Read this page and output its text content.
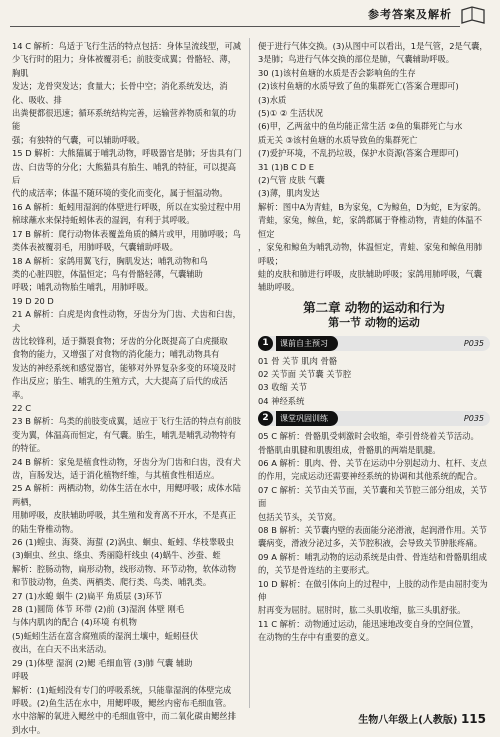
参考答案及解析

14 C 解析：鸟适于飞行生活的特点包括：身体呈流线型，可减

少飞行时的阻力；身体被覆羽毛；前肢变成翼；骨骼轻、薄，胸肌

发达；龙骨突发达；食量大；长骨中空；消化系统发达，消化、吸收、排

出粪便都很迅速；循环系统结构完善，运输营养物质和氧的功能

强；有独特的气囊，可以辅助呼吸。

15 D 解析：大熊猫属于哺乳动物，呼吸器官是肺；牙齿具有门

齿、臼齿等的分化；大熊猫具有胎生、哺乳的特征，可以提高后

代的成活率；体温不随环境的变化而变化，属于恒温动物。

16 A 解析：蚯蚓用湿润的体壁进行呼吸，所以在实验过程中用

棉球蘸水来保持蚯蚓体表的湿润，有利于其呼吸。

17 B 解析：爬行动物体表覆盖角质的鳞片或甲，用肺呼吸；鸟

类体表被覆羽毛，用肺呼吸，气囊辅助呼吸。

18 A 解析：家鸽用翼飞行，胸肌发达；哺乳动物和鸟

类的心脏四腔，体温恒定；鸟有骨骼轻薄，气囊辅助

呼吸；哺乳动物胎生哺乳，用肺呼吸。

19 D 20 D

21 A 解析：白虎是肉食性动物，牙齿分为门齿、犬齿和臼齿，犬

齿比较锋利，适于撕裂食物；牙齿的分化既提高了白虎摄取

食物的能力，又增强了对食物的消化能力；哺乳动物具有

发达的神经系统和感觉器官，能够对外界复杂多变的环境及时

作出反应；胎生、哺乳的生殖方式，大大提高了后代的成活率。

22 C

23 B 解析：鸟类的前肢变成翼，适应于飞行生活的特点有前肢

变为翼，体温高而恒定，有气囊。胎生，哺乳是哺乳动物特有

的特征。

24 B 解析：家兔是植食性动物，牙齿分为门齿和臼齿，没有犬

齿，盲肠发达，适于消化植物纤维，与其植食性相适应。

25 A 解析：两栖动物，幼体生活在水中，用鳃呼吸；成体水陆两栖，

用肺呼吸，皮肤辅助呼吸，其生殖和发育离不开水，不是真正

的陆生脊椎动物。

26 (1)蝗虫、海葵、海蜇 (2)涡虫、蛔虫、蚯蚓、华枝睾吸虫

(3)蛔虫、丝虫、绦虫、秀丽隐杆线虫 (4)蜗牛、沙蚕、蛭

解析：腔肠动物，扁形动物，线形动物、环节动物，软体动物

和节肢动物，鱼类、两栖类、爬行类、鸟类、哺乳类。

27 (1)水螅 蜗牛 (2)扁平 角质层 (3)环节

28 (1)圆筒 体节 环带 (2)前 (3)湿润 体壁 刚毛

与体内肌肉的配合 (4)环境 有机物

(5)蚯蚓生活在富含腐殖质的湿润土壤中，蚯蚓昼伏

夜出，在白天不出来活动。

29 (1)体壁 湿润 (2)鳃 毛细血管 (3)肺 气囊 辅助

呼吸

解析：(1)蚯蚓没有专门的呼吸系统，只能靠湿润的体壁完成

呼吸。(2)鱼生活在水中，用鳃呼吸，鳃丝内密布毛细血管。

水中溶解的氧进入鳃丝中的毛细血管中，而二氧化碳由鳃丝排到水中。

便于进行气体交换。(3)从图中可以看出，1是气管，2是气囊，

3是肺；鸟进行气体交换的部位是肺，气囊辅助呼吸。

30 (1)该村鱼塘的水质是否会影响鱼的生存

(2)该村鱼塘的水质导致了鱼的集群死亡(答案合理即可)

(3)水质

(5)① ② 生活状况

(6)甲，乙两盆中的鱼均能正常生活 ②鱼的集群死亡与水

质无关 ③该村鱼塘的水质导致鱼的集群死亡

(7)爱护环境，不乱扔垃圾，保护水资源(答案合理即可)

31 (1)B C D E

(2)气管 皮肤 气囊

(3)薄，肌肉发达

解析：图中A为青蛙，B为家兔，C为鲸鱼，D为蛇，E为家鸽。

青蛙，家兔，鲸鱼，蛇，家鸽都属于脊椎动物，青蛙的体温不恒定

，家兔和鲸鱼为哺乳动物，体温恒定，青蛙、家兔和鲸鱼用肺呼吸；

蛙的皮肤和肺进行呼吸，皮肤辅助呼吸；家鸽用肺呼吸，气囊辅助呼吸。

第二章 动物的运动和行为
第一节 动物的运动
1	课前自主预习	P035

01 骨 关节 肌肉 骨骼

02 关节面 关节囊 关节腔

03 收缩 关节

04 神经系统

2	课堂巩固训练	P035

05 C 解析：骨骼肌受刺激时会收缩，牵引骨绕着关节活动。

骨骼肌由肌腱和肌腹组成，骨骼肌的两端是肌腱。

06 A 解析：肌肉、骨、关节在运动中分别起动力、杠杆、支点

的作用，完成运动还需要神经系统的协调和其他系统的配合。

07 C 解析：关节由关节面，关节囊和关节腔三部分组成，关节面

包括关节头，关节窝。

08 B 解析：关节囊内壁的表面能分泌滑液，起润滑作用。关节

囊病变，滑液分泌过多，关节腔积液，会导致关节肿胀疼痛。

09 A 解析：哺乳动物的运动系统是由骨、骨连结和骨骼肌组成

的，关节是骨连结的主要形式。

10 D 解析：在做引体向上的过程中，上肢的动作是由屈肘变为伸

肘再变为屈肘。屈肘时，肱二头肌收缩，肱三头肌舒张。

11 C 解析：动物通过运动，能迅速地改变自身的空间位置，

在动物的生存中有重要的意义。

生物八年级上(人教版) 115
